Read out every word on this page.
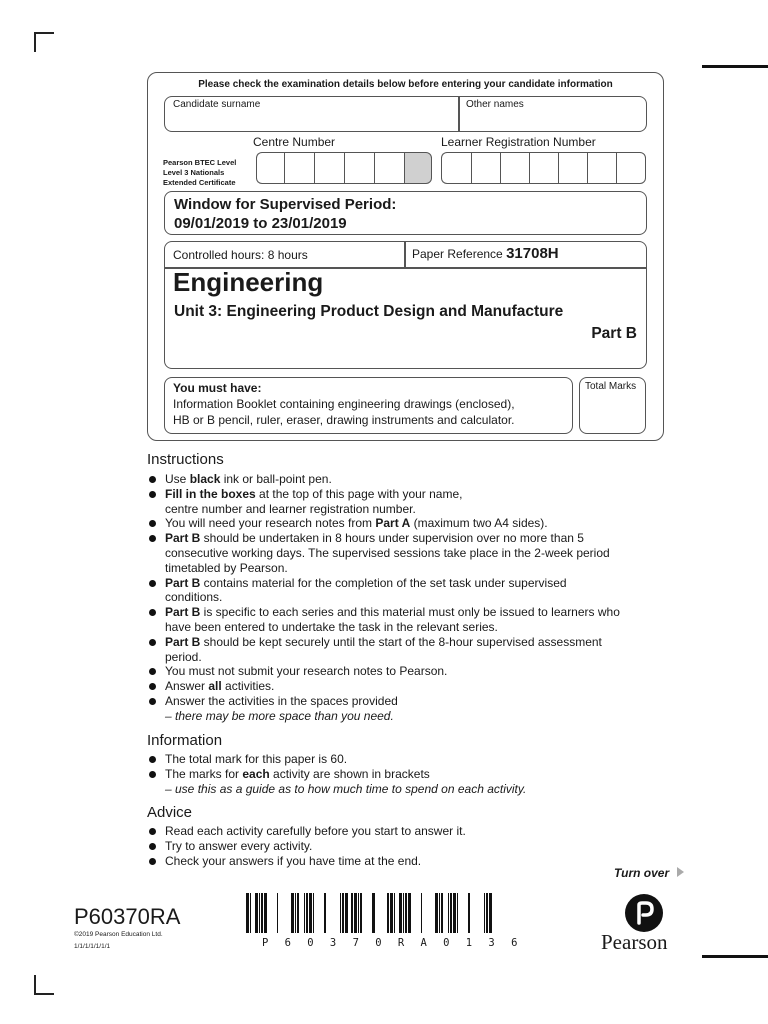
Please check the examination details below before entering your candidate information
Candidate surname	Other names
Centre Number	Learner Registration Number
Pearson BTEC Level
Level 3 Nationals
Extended Certificate
Window for Supervised Period:
09/01/2019 to 23/01/2019
Controlled hours: 8 hours	Paper Reference 31708H
Engineering
Unit 3: Engineering Product Design and Manufacture
Part B
You must have:
Information Booklet containing engineering drawings (enclosed),
HB or B pencil, ruler, eraser, drawing instruments and calculator.
Total Marks
Instructions
Use black ink or ball-point pen.
Fill in the boxes at the top of this page with your name,
centre number and learner registration number.
You will need your research notes from Part A (maximum two A4 sides).
Part B should be undertaken in 8 hours under supervision over no more than 5
consecutive working days. The supervised sessions take place in the 2-week period
timetabled by Pearson.
Part B contains material for the completion of the set task under supervised
conditions.
Part B is specific to each series and this material must only be issued to learners who
have been entered to undertake the task in the relevant series.
Part B should be kept securely until the start of the 8-hour supervised assessment
period.
You must not submit your research notes to Pearson.
Answer all activities.
Answer the activities in the spaces provided
– there may be more space than you need.
Information
The total mark for this paper is 60.
The marks for each activity are shown in brackets
– use this as a guide as to how much time to spend on each activity.
Advice
Read each activity carefully before you start to answer it.
Try to answer every activity.
Check your answers if you have time at the end.
Turn over
P60370RA
©2019 Pearson Education Ltd.
1/1/1/1/1/1/1	P 6 0 3 7 0 R A 0 1 3 6	Pearson
